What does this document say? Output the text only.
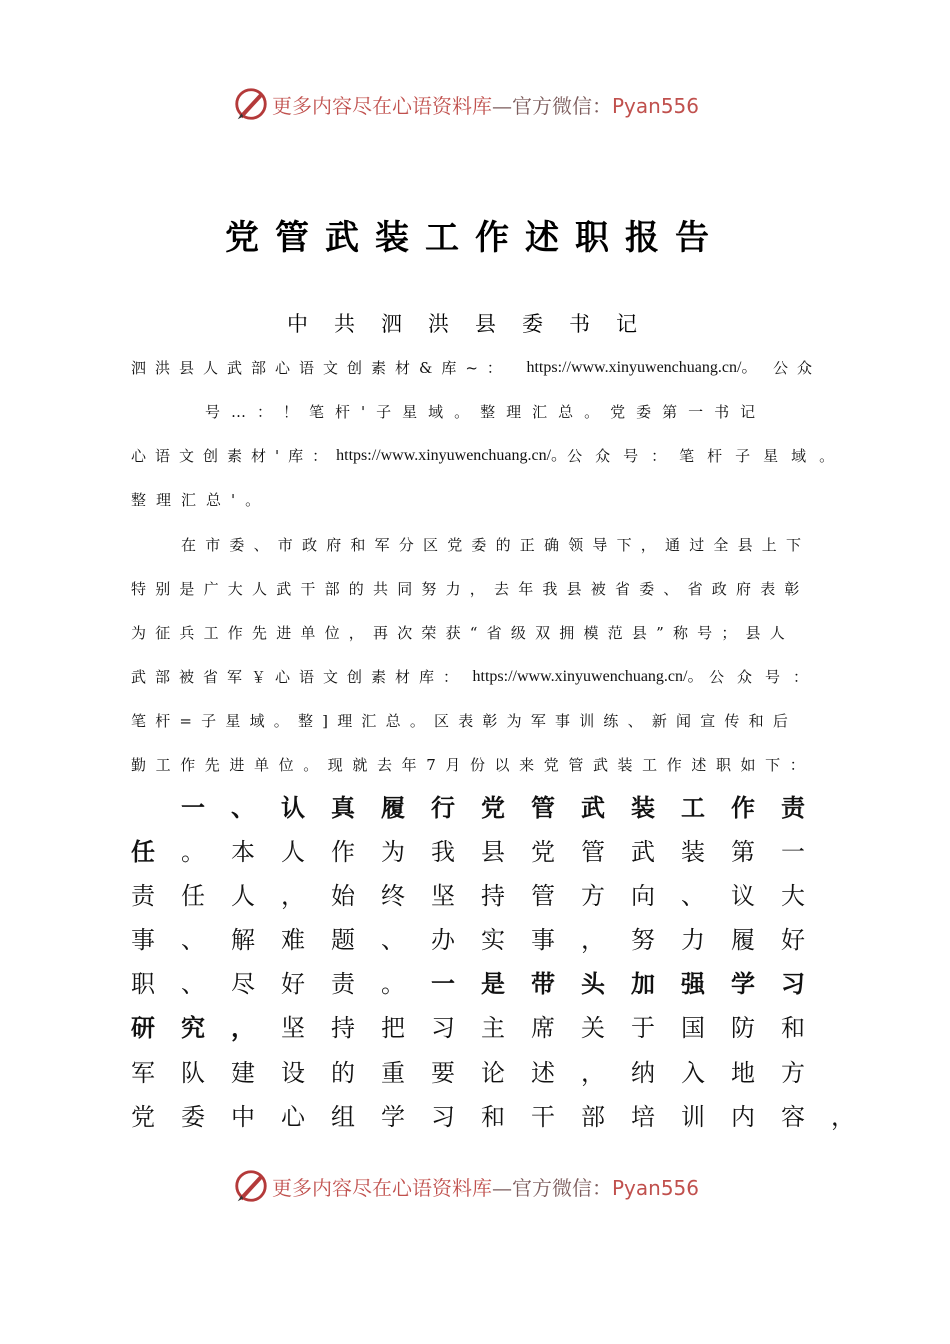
更多内容尽在心语资料库—官方微信：Pyan556
党管武装工作述职报告
中共泗洪县委书记
泗洪县人武部心语文创素材&库~： https://www.xinyuwenchuang.cn/。 公众
号…：！笔杆'子星域。整理汇总。党委第一书记
心语文创素材'库： https://www.xinyuwenchuang.cn/。 公众号：笔杆子星域。
整理汇总'。
在市委、市政府和军分区党委的正确领导下，通过全县上下
特别是广大人武干部的共同努力，去年我县被省委、省政府表彰
为征兵工作先进单位，再次荣获“省级双拥模范县”称号；县人
武部被省军￥心语文创素材库： https://www.xinyuwenchuang.cn/。 公众号：
笔杆=子星域。整]理汇总。区表彰为军事训练、新闻宣传和后
勤工作先进单位。现就去年7月份以来党管武装工作述职如下：
一、认真履行党管武装工作责
任。本人作为我县党管武装第一
责任人，始终坚持管方向、议大
事、解难题、办实事，努力履好
职、尽好责。一是带头加强学习
研究，坚持把习主席关于国防和
军队建设的重要论述，纳入地方
党委中心组学习和干部培训内容，
更多内容尽在心语资料库—官方微信：Pyan556
